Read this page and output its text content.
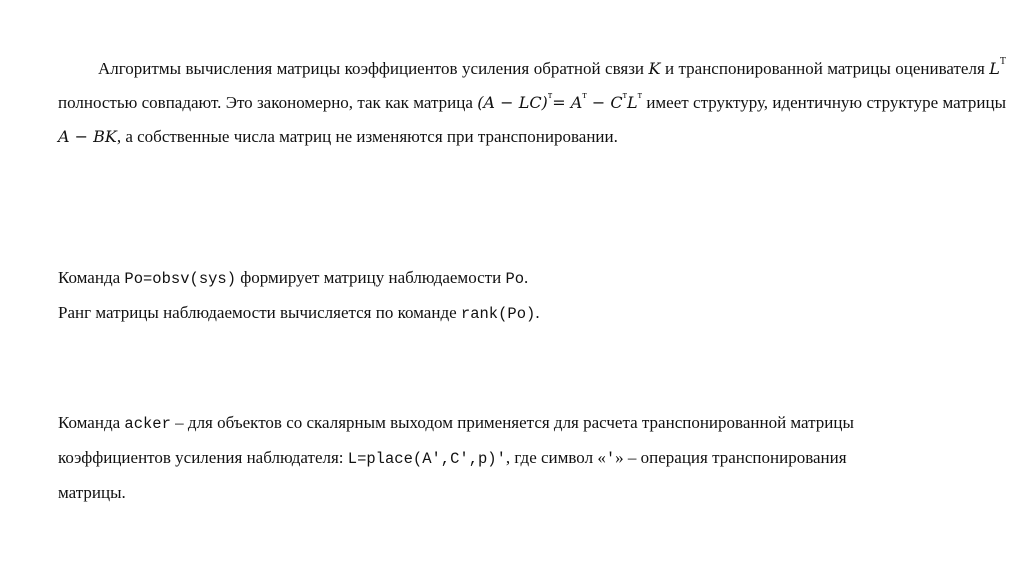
Алгоритмы вычисления матрицы коэффициентов усиления обратной связи K и транспонированной матрицы оценивателя $L^T$ полностью совпадают. Это закономерно, так как матрица $(A - LC)^т= A^т - C^тL^т$ имеет структуру, идентичную структуре матрицы A − BK, а собственные числа матриц не изменяются при транспонировании.

Команда Po=obsv(sys) формирует матрицу наблюдаемости Po.
Ранг матрицы наблюдаемости вычисляется по команде rank(Po).
Команда acker – для объектов со скалярным выходом применяется для расчета транспонированной матрицы
коэффициентов усиления наблюдателя: L=place(A',C',p)', где символ «'» – операция транспонирования
матрицы.
